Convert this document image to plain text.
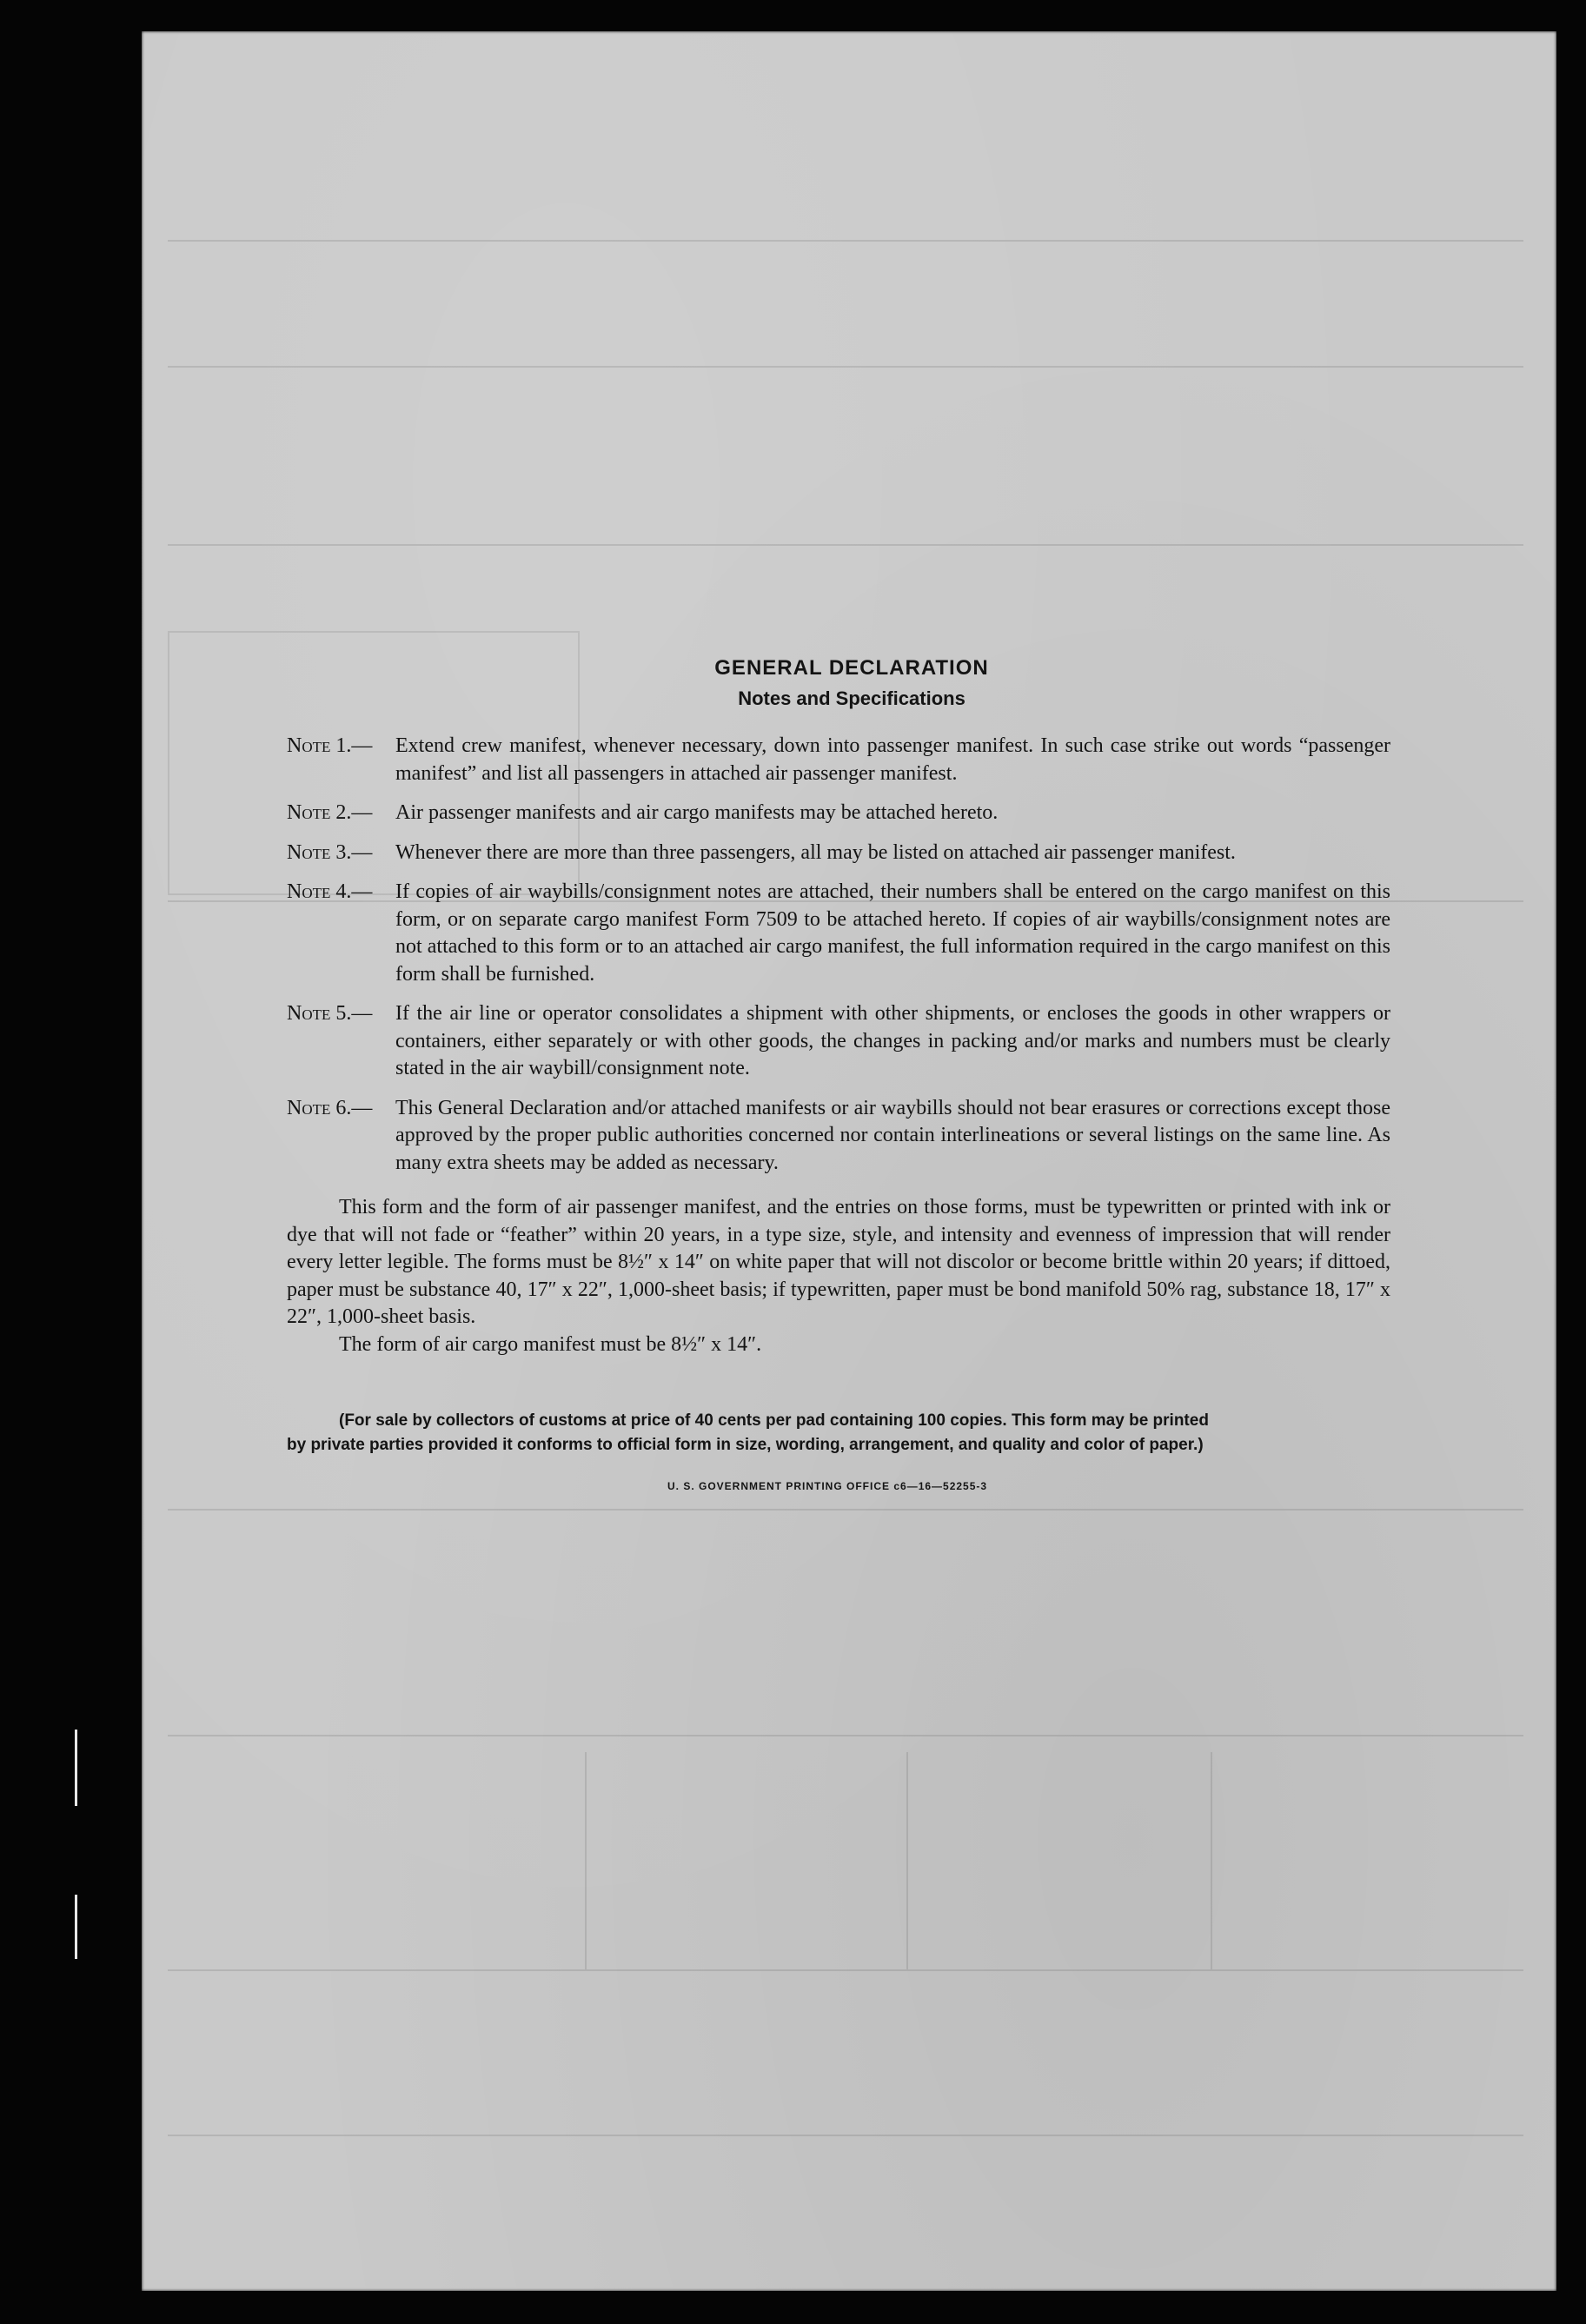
GENERAL DECLARATION
Notes and Specifications
Note 1.—	Extend crew manifest, whenever necessary, down into passenger manifest. In such case strike out words “passenger manifest” and list all passengers in attached air passenger manifest.
Note 2.—	Air passenger manifests and air cargo manifests may be attached hereto.
Note 3.—	Whenever there are more than three passengers, all may be listed on attached air passenger manifest.
Note 4.—	If copies of air waybills/consignment notes are attached, their numbers shall be entered on the cargo manifest on this form, or on separate cargo manifest Form 7509 to be attached hereto. If copies of air waybills/consignment notes are not attached to this form or to an attached air cargo manifest, the full information required in the cargo manifest on this form shall be furnished.
Note 5.—	If the air line or operator consolidates a shipment with other shipments, or encloses the goods in other wrappers or containers, either separately or with other goods, the changes in packing and/or marks and numbers must be clearly stated in the air waybill/consignment note.
Note 6.—	This General Declaration and/or attached manifests or air waybills should not bear erasures or corrections except those approved by the proper public authorities concerned nor contain interlineations or several listings on the same line. As many extra sheets may be added as necessary.
This form and the form of air passenger manifest, and the entries on those forms, must be typewritten or printed with ink or dye that will not fade or “feather” within 20 years, in a type size, style, and intensity and evenness of impression that will render every letter legible. The forms must be 8½″ x 14″ on white paper that will not discolor or become brittle within 20 years; if dittoed, paper must be substance 40, 17″ x 22″, 1,000-sheet basis; if typewritten, paper must be bond manifold 50% rag, substance 18, 17″ x 22″, 1,000-sheet basis.
The form of air cargo manifest must be 8½″ x 14″.
(For sale by collectors of customs at price of 40 cents per pad containing 100 copies. This form may be printed
by private parties provided it conforms to official form in size, wording, arrangement, and quality and color of paper.)
U. S. GOVERNMENT PRINTING OFFICE c6—16—52255-3
